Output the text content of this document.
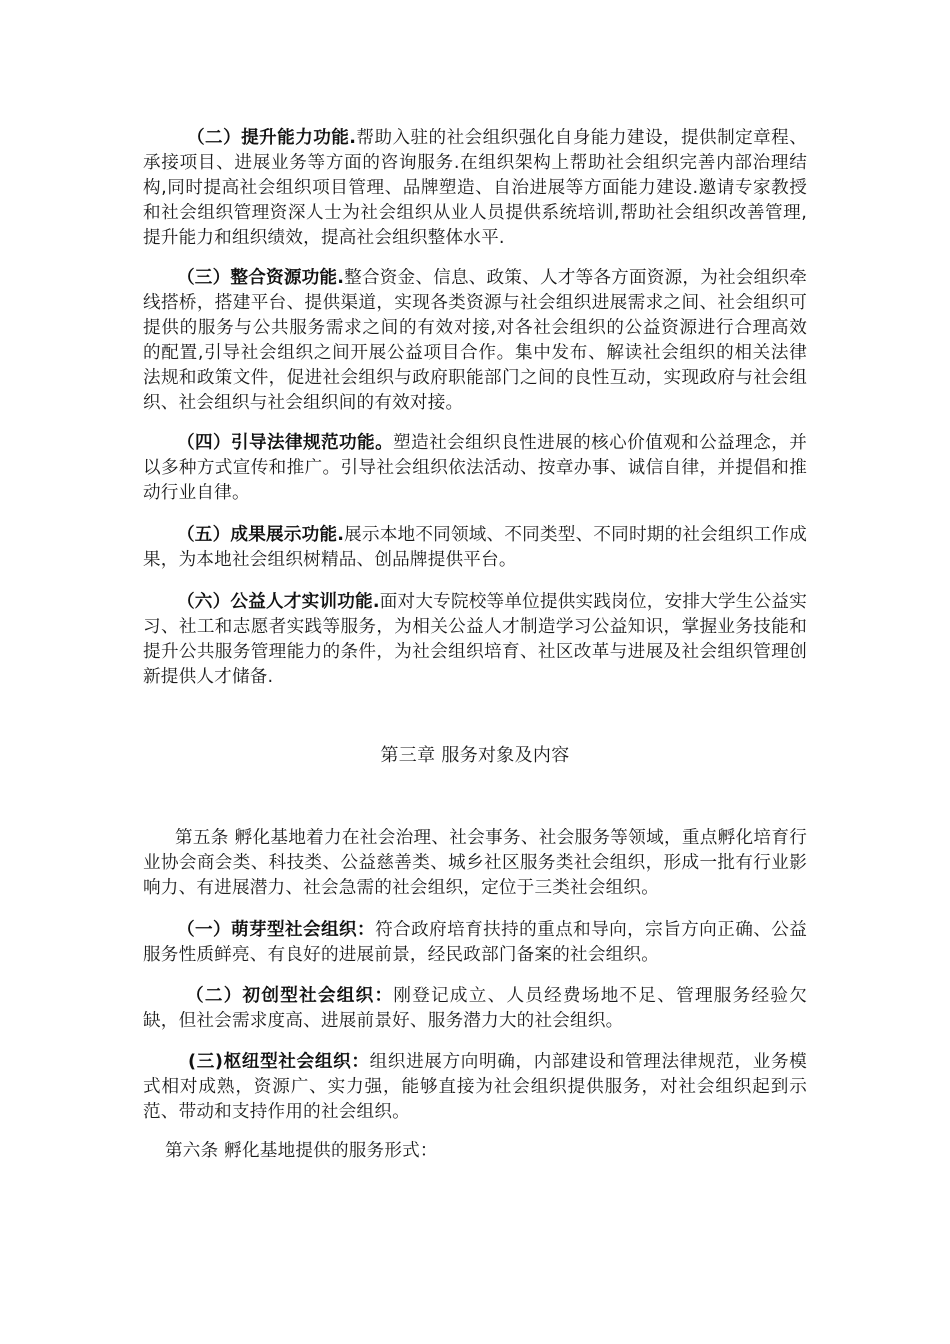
（二）提升能力功能.帮助入驻的社会组织强化自身能力建设，提供制定章程、承接项目、进展业务等方面的咨询服务.在组织架构上帮助社会组织完善内部治理结构,同时提高社会组织项目管理、品牌塑造、自治进展等方面能力建设.邀请专家教授和社会组织管理资深人士为社会组织从业人员提供系统培训,帮助社会组织改善管理,提升能力和组织绩效，提高社会组织整体水平.

（三）整合资源功能.整合资金、信息、政策、人才等各方面资源，为社会组织牵线搭桥，搭建平台、提供渠道，实现各类资源与社会组织进展需求之间、社会组织可提供的服务与公共服务需求之间的有效对接,对各社会组织的公益资源进行合理高效的配置,引导社会组织之间开展公益项目合作。集中发布、解读社会组织的相关法律法规和政策文件，促进社会组织与政府职能部门之间的良性互动，实现政府与社会组织、社会组织与社会组织间的有效对接。

（四）引导法律规范功能。塑造社会组织良性进展的核心价值观和公益理念，并以多种方式宣传和推广。引导社会组织依法活动、按章办事、诚信自律，并提倡和推动行业自律。

（五）成果展示功能.展示本地不同领域、不同类型、不同时期的社会组织工作成果，为本地社会组织树精品、创品牌提供平台。

（六）公益人才实训功能.面对大专院校等单位提供实践岗位，安排大学生公益实习、社工和志愿者实践等服务，为相关公益人才制造学习公益知识，掌握业务技能和提升公共服务管理能力的条件，为社会组织培育、社区改革与进展及社会组织管理创新提供人才储备.

第三章 服务对象及内容

第五条 孵化基地着力在社会治理、社会事务、社会服务等领域，重点孵化培育行业协会商会类、科技类、公益慈善类、城乡社区服务类社会组织，形成一批有行业影响力、有进展潜力、社会急需的社会组织，定位于三类社会组织。

（一）萌芽型社会组织：符合政府培育扶持的重点和导向，宗旨方向正确、公益服务性质鲜亮、有良好的进展前景，经民政部门备案的社会组织。

（二）初创型社会组织：刚登记成立、人员经费场地不足、管理服务经验欠缺，但社会需求度高、进展前景好、服务潜力大的社会组织。

(三)枢纽型社会组织：组织进展方向明确，内部建设和管理法律规范，业务模式相对成熟，资源广、实力强，能够直接为社会组织提供服务，对社会组织起到示范、带动和支持作用的社会组织。

第六条 孵化基地提供的服务形式：
